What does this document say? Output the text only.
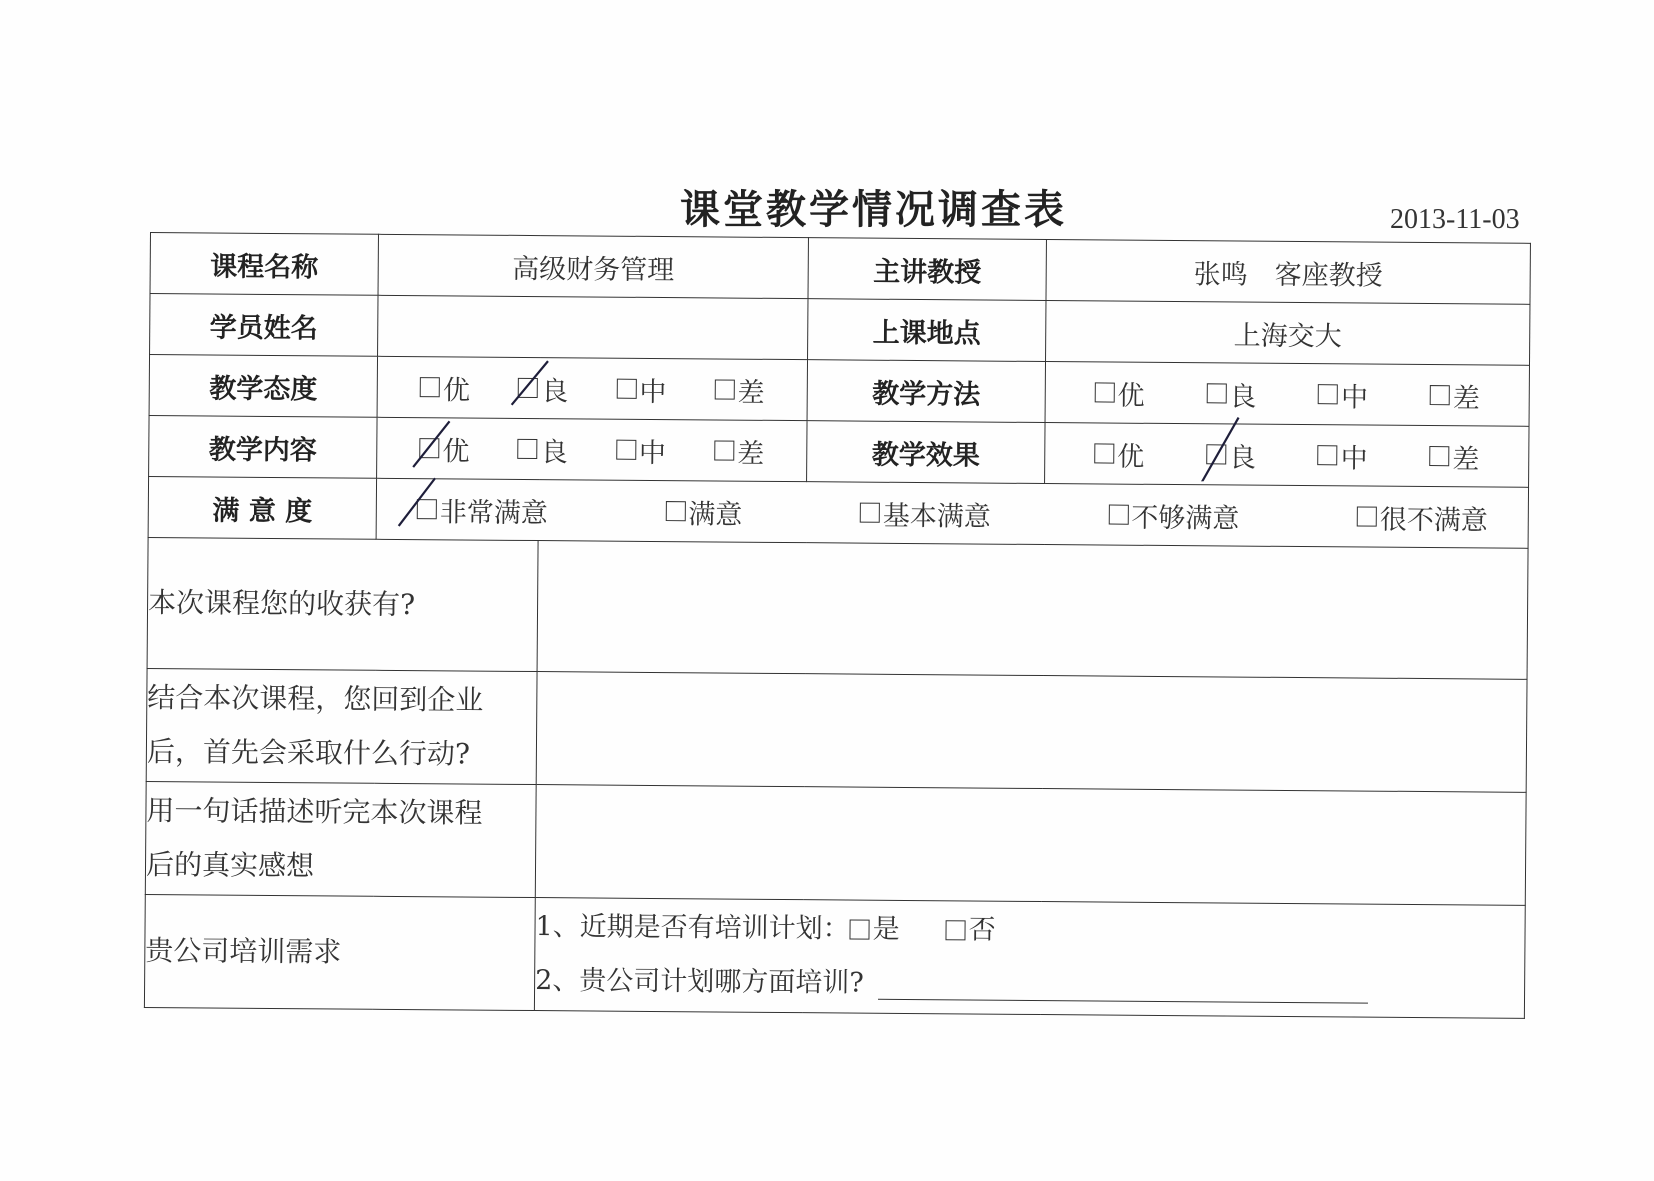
课堂教学情况调查表	2013-11-03
课程名称	高级财务管理		主讲教授	张鸣　客座教授
学员姓名			上课地点	上海交大
教学态度	优 良 中 差		教学方法	优 良 中 差

教学内容	优 良 中 差		教学效果	优 良 中 差

满 意 度	非常满意 满意 基本满意 不够满意 很不满意			

本次课程您的收获有?				

结合本次课程，您回到企业
后，首先会采取什么行动?				

用一句话描述听完本次课程
后的真实感想				

贵公司培训需求		1、近期是否有培训计划： 是 否
2、贵公司计划哪方面培训?		
